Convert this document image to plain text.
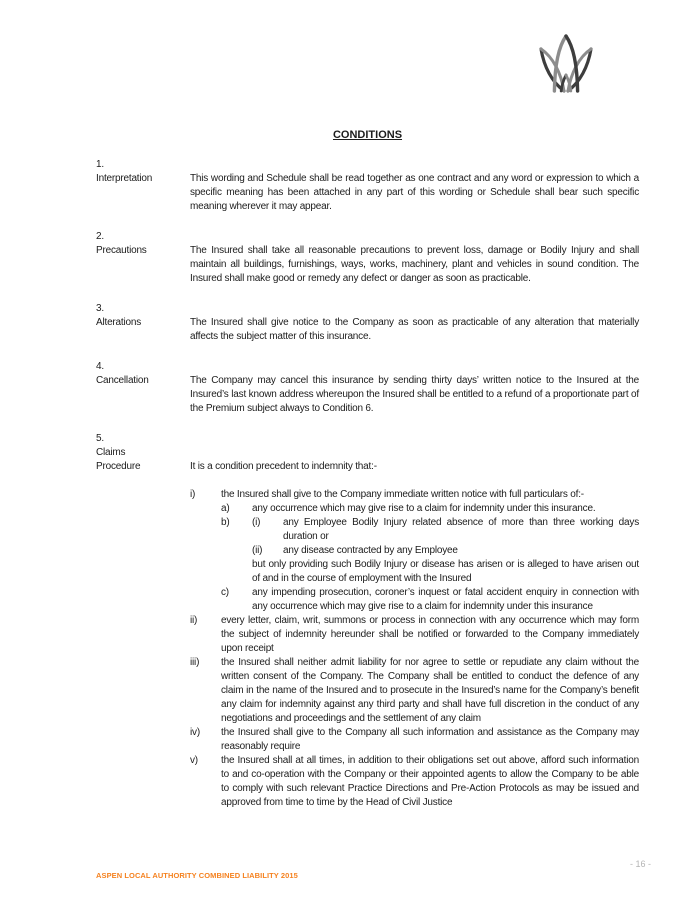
CONDITIONS
1.
Interpretation	This wording and Schedule shall be read together as one contract and any word or expression to which a specific meaning has been attached in any part of this wording or Schedule shall bear such specific meaning wherever it may appear.
2.
Precautions	The Insured shall take all reasonable precautions to prevent loss, damage or Bodily Injury and shall maintain all buildings, furnishings, ways, works, machinery, plant and vehicles in sound condition. The Insured shall make good or remedy any defect or danger as soon as practicable.
3.
Alterations	The Insured shall give notice to the Company as soon as practicable of any alteration that materially affects the subject matter of this insurance.
4.
Cancellation	The Company may cancel this insurance by sending thirty days’ written notice to the Insured at the Insured’s last known address whereupon the Insured shall be entitled to a refund of a proportionate part of the Premium subject always to Condition 6.
5.
Claims
Procedure	It is a condition precedent to indemnity that:-
i)	the Insured shall give to the Company immediate written notice with full particulars of:-
a)	any occurrence which may give rise to a claim for indemnity under this insurance.
b)	(i)	any Employee Bodily Injury related absence of more than three working days duration or
(ii)	any disease contracted by any Employee
but only providing such Bodily Injury or disease has arisen or is alleged to have arisen out of and in the course of employment with the Insured
c)	any impending prosecution, coroner’s inquest or fatal accident enquiry in connection with any occurrence which may give rise to a claim for indemnity under this insurance
ii)	every letter, claim, writ, summons or process in connection with any occurrence which may form the subject of indemnity hereunder shall be notified or forwarded to the Company immediately upon receipt
iii)	the Insured shall neither admit liability for nor agree to settle or repudiate any claim without the written consent of the Company. The Company shall be entitled to conduct the defence of any claim in the name of the Insured and to prosecute in the Insured’s name for the Company’s benefit any claim for indemnity against any third party and shall have full discretion in the conduct of any negotiations and proceedings and the settlement of any claim
iv)	the Insured shall give to the Company all such information and assistance as the Company may reasonably require
v)	the Insured shall at all times, in addition to their obligations set out above, afford such information to and co-operation with the Company or their appointed agents to allow the Company to be able to comply with such relevant Practice Directions and Pre-Action Protocols as may be issued and approved from time to time by the Head of Civil Justice
- 16 -
ASPEN LOCAL AUTHORITY COMBINED LIABILITY 2015
